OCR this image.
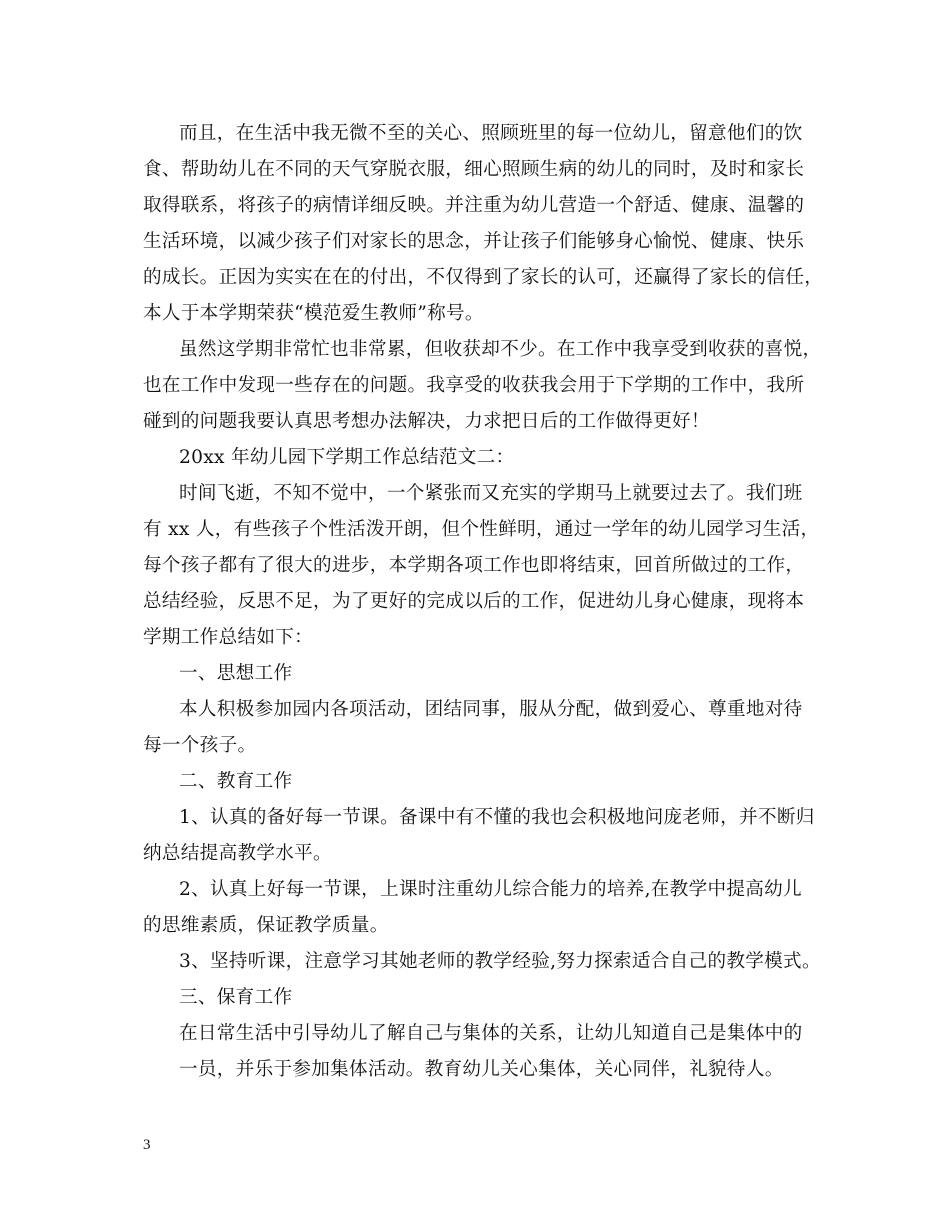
而且，在生活中我无微不至的关心、照顾班里的每一位幼儿，留意他们的饮
食、帮助幼儿在不同的天气穿脱衣服，细心照顾生病的幼儿的同时，及时和家长
取得联系，将孩子的病情详细反映。并注重为幼儿营造一个舒适、健康、温馨的
生活环境，以减少孩子们对家长的思念，并让孩子们能够身心愉悦、健康、快乐
的成长。正因为实实在在的付出，不仅得到了家长的认可，还赢得了家长的信任，
本人于本学期荣获“模范爱生教师”称号。
虽然这学期非常忙也非常累，但收获却不少。在工作中我享受到收获的喜悦，
也在工作中发现一些存在的问题。我享受的收获我会用于下学期的工作中，我所
碰到的问题我要认真思考想办法解决，力求把日后的工作做得更好！
20xx 年幼儿园下学期工作总结范文二：
时间飞逝，不知不觉中，一个紧张而又充实的学期马上就要过去了。我们班
有 xx 人，有些孩子个性活泼开朗，但个性鲜明，通过一学年的幼儿园学习生活，
每个孩子都有了很大的进步，本学期各项工作也即将结束，回首所做过的工作，
总结经验，反思不足，为了更好的完成以后的工作，促进幼儿身心健康，现将本
学期工作总结如下：
一、思想工作
本人积极参加园内各项活动，团结同事，服从分配，做到爱心、尊重地对待
每一个孩子。
二、教育工作
1、认真的备好每一节课。备课中有不懂的我也会积极地问庞老师，并不断归
纳总结提高教学水平。
2、认真上好每一节课，上课时注重幼儿综合能力的培养,在教学中提高幼儿
的思维素质，保证教学质量。
3、坚持听课，注意学习其她老师的教学经验,努力探索适合自己的教学模式。
三、保育工作
在日常生活中引导幼儿了解自己与集体的关系，让幼儿知道自己是集体中的
一员，并乐于参加集体活动。教育幼儿关心集体，关心同伴，礼貌待人。
3
